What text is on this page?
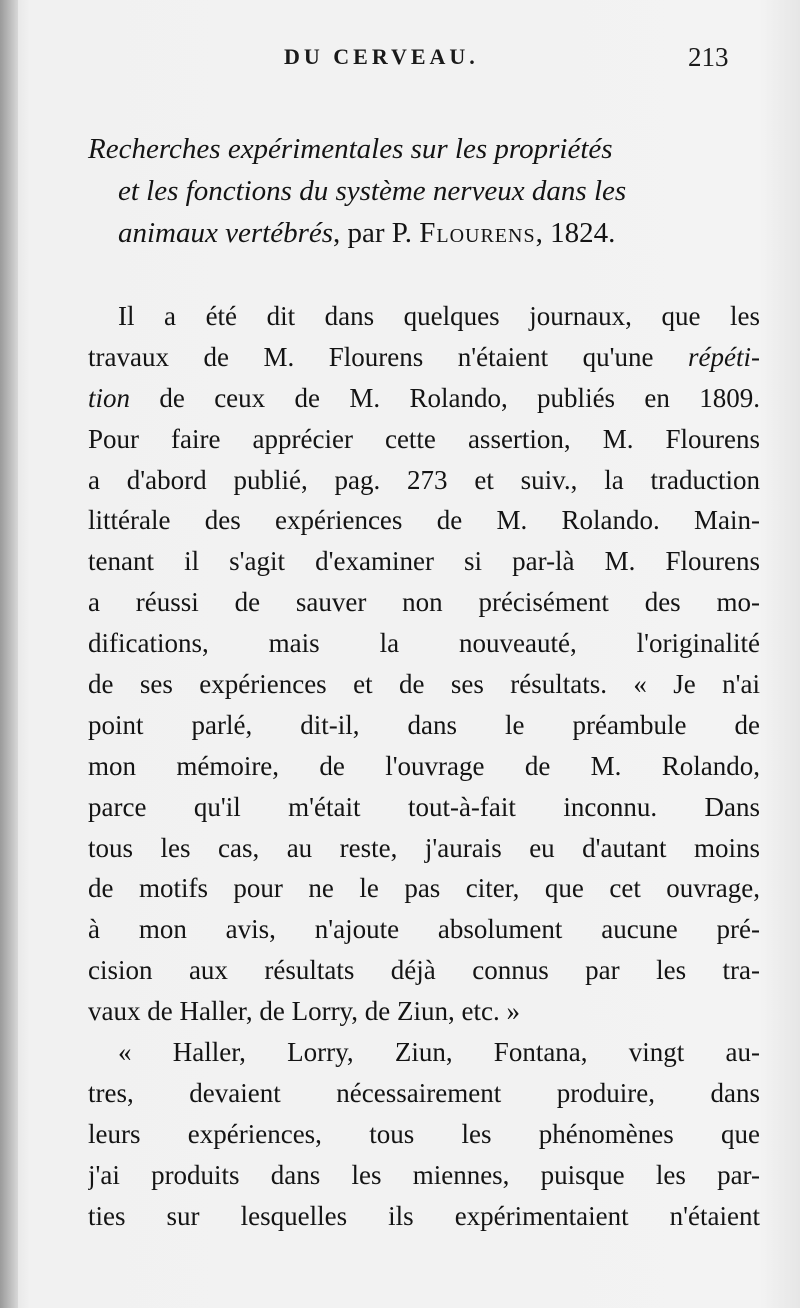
DU CERVEAU.	213
Recherches expérimentales sur les propriétés
et les fonctions du système nerveux dans les
animaux vertébrés, par P. Flourens, 1824.
Il a été dit dans quelques journaux, que les
travaux de M. Flourens n'étaient qu'une répéti-
tion de ceux de M. Rolando, publiés en 1809.
Pour faire apprécier cette assertion, M. Flourens
a d'abord publié, pag. 273 et suiv., la traduction
littérale des expériences de M. Rolando. Main-
tenant il s'agit d'examiner si par-là M. Flourens
a réussi de sauver non précisément des mo-
difications, mais la nouveauté, l'originalité
de ses expériences et de ses résultats. « Je n'ai
point parlé, dit-il, dans le préambule de
mon mémoire, de l'ouvrage de M. Rolando,
parce qu'il m'était tout-à-fait inconnu. Dans
tous les cas, au reste, j'aurais eu d'autant moins
de motifs pour ne le pas citer, que cet ouvrage,
à mon avis, n'ajoute absolument aucune pré-
cision aux résultats déjà connus par les tra-
vaux de Haller, de Lorry, de Ziun, etc. »
« Haller, Lorry, Ziun, Fontana, vingt au-
tres, devaient nécessairement produire, dans
leurs expériences, tous les phénomènes que
j'ai produits dans les miennes, puisque les par-
ties sur lesquelles ils expérimentaient n'étaient
